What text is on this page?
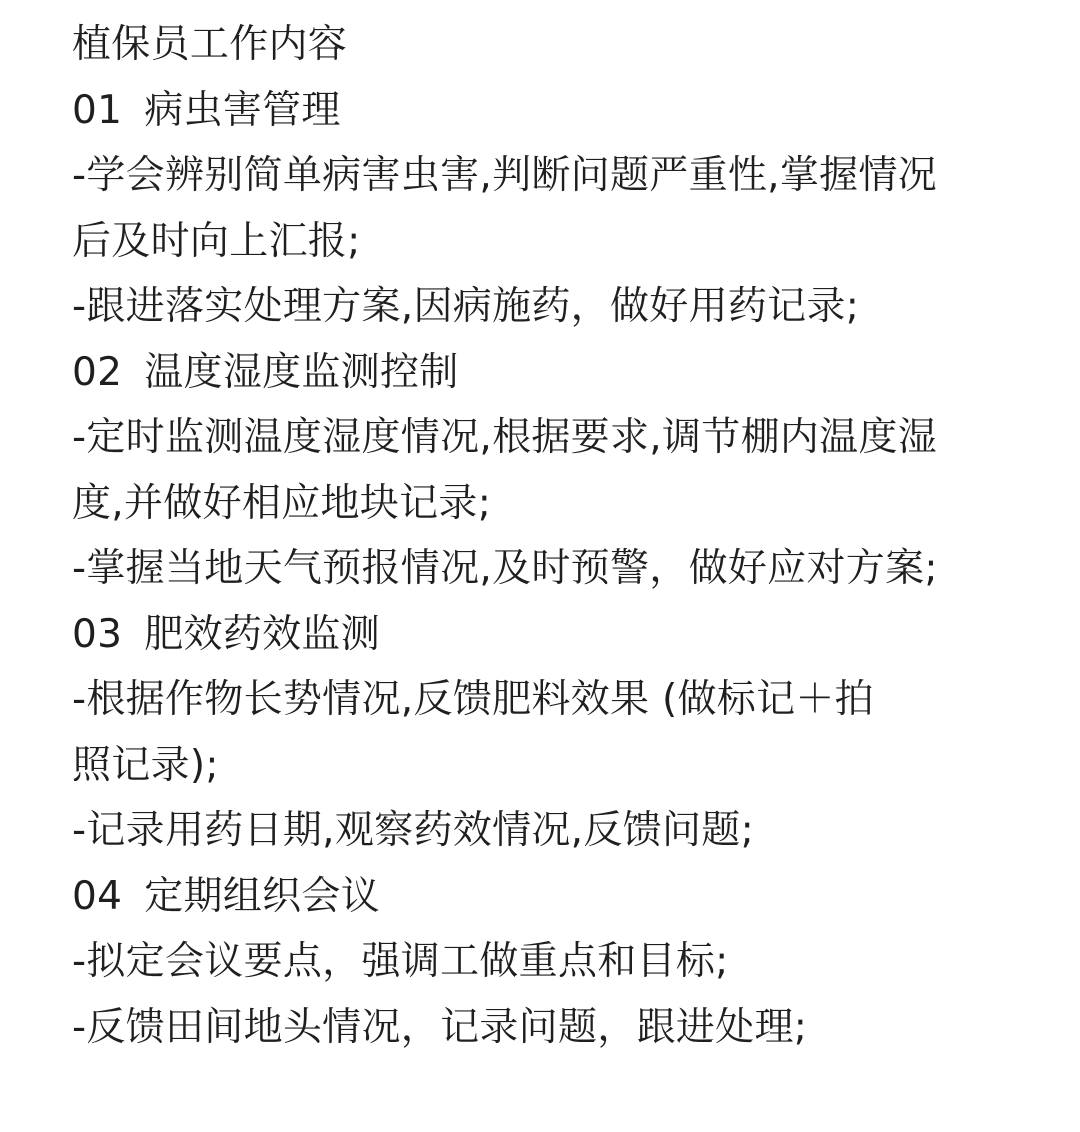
植保员工作内容
01 病虫害管理
-学会辨别简单病害虫害,判断问题严重性,掌握情况
后及时向上汇报;
-跟进落实处理方案,因病施药，做好用药记录;
02 温度湿度监测控制
-定时监测温度湿度情况,根据要求,调节棚内温度湿
度,并做好相应地块记录;
-掌握当地天气预报情况,及时预警，做好应对方案;
03 肥效药效监测
-根据作物长势情况,反馈肥料效果 (做标记＋拍
照记录);
-记录用药日期,观察药效情况,反馈问题;
04 定期组织会议
-拟定会议要点，强调工做重点和目标;
-反馈田间地头情况，记录问题，跟进处理;
